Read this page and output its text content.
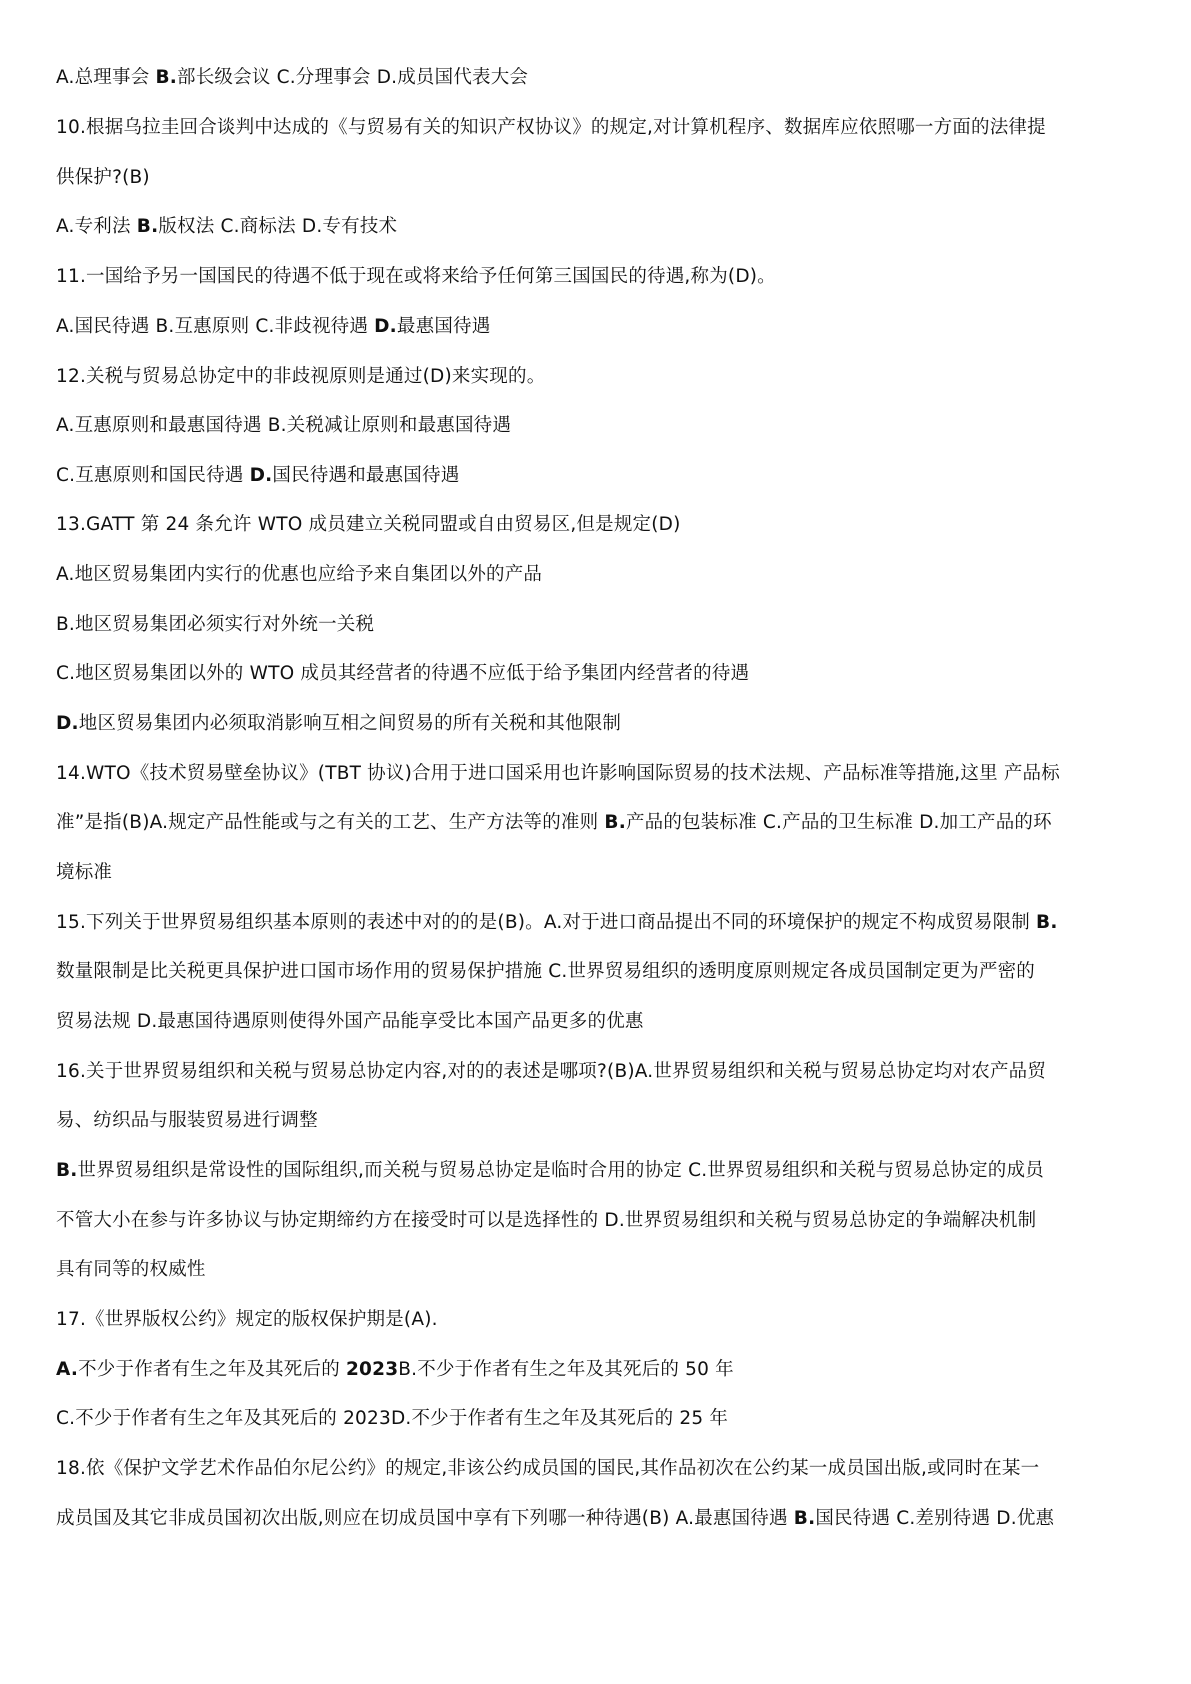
A.总理事会 B.部长级会议 C.分理事会 D.成员国代表大会
10.根据乌拉圭回合谈判中达成的《与贸易有关的知识产权协议》的规定,对计算机程序、数据库应依照哪一方面的法律提
供保护?(B)
A.专利法 B.版权法 C.商标法 D.专有技术
11.一国给予另一国国民的待遇不低于现在或将来给予任何第三国国民的待遇,称为(D)。
A.国民待遇 B.互惠原则 C.非歧视待遇 D.最惠国待遇
12.关税与贸易总协定中的非歧视原则是通过(D)来实现的。
A.互惠原则和最惠国待遇 B.关税减让原则和最惠国待遇
C.互惠原则和国民待遇 D.国民待遇和最惠国待遇
13.GATT 第 24 条允许 WTO 成员建立关税同盟或自由贸易区,但是规定(D)
A.地区贸易集团内实行的优惠也应给予来自集团以外的产品
B.地区贸易集团必须实行对外统一关税
C.地区贸易集团以外的 WTO 成员其经营者的待遇不应低于给予集团内经营者的待遇
D.地区贸易集团内必须取消影响互相之间贸易的所有关税和其他限制
14.WTO《技术贸易壁垒协议》(TBT 协议)合用于进口国采用也许影响国际贸易的技术法规、产品标准等措施,这里 产品标
准”是指(B)A.规定产品性能或与之有关的工艺、生产方法等的准则 B.产品的包装标准 C.产品的卫生标准 D.加工产品的环
境标准
15.下列关于世界贸易组织基本原则的表述中对的的是(B)。A.对于进口商品提出不同的环境保护的规定不构成贸易限制 B.
数量限制是比关税更具保护进口国市场作用的贸易保护措施 C.世界贸易组织的透明度原则规定各成员国制定更为严密的
贸易法规 D.最惠国待遇原则使得外国产品能享受比本国产品更多的优惠
16.关于世界贸易组织和关税与贸易总协定内容,对的的表述是哪项?(B)A.世界贸易组织和关税与贸易总协定均对农产品贸
易、纺织品与服装贸易进行调整
B.世界贸易组织是常设性的国际组织,而关税与贸易总协定是临时合用的协定 C.世界贸易组织和关税与贸易总协定的成员
不管大小在参与许多协议与协定期缔约方在接受时可以是选择性的 D.世界贸易组织和关税与贸易总协定的争端解决机制
具有同等的权威性
17.《世界版权公约》规定的版权保护期是(A).
A.不少于作者有生之年及其死后的 2023B.不少于作者有生之年及其死后的 50 年
C.不少于作者有生之年及其死后的 2023D.不少于作者有生之年及其死后的 25 年
18.依《保护文学艺术作品伯尔尼公约》的规定,非该公约成员国的国民,其作品初次在公约某一成员国出版,或同时在某一
成员国及其它非成员国初次出版,则应在切成员国中享有下列哪一种待遇(B) A.最惠国待遇 B.国民待遇 C.差别待遇 D.优惠
